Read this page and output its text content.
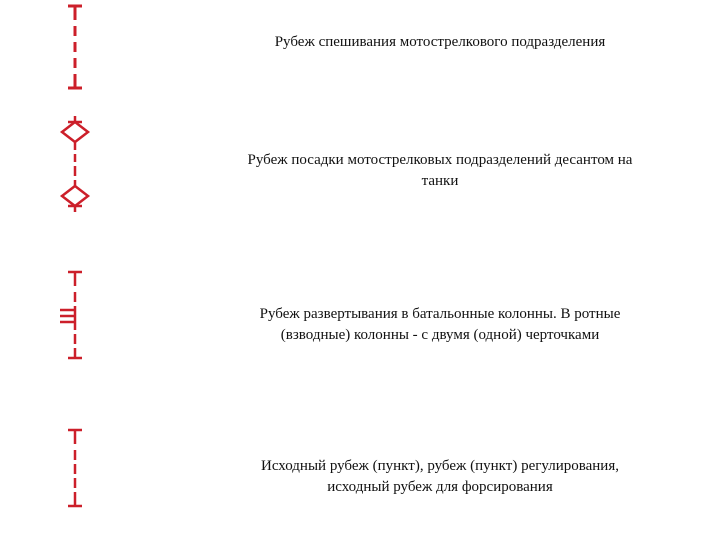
Рубеж спешивания мотострелкового подразделения
Рубеж посадки мотострелковых подразделений десантом на
танки
Рубеж развертывания в батальонные колонны. В ротные
(взводные) колонны - с двумя (одной) черточками
Исходный рубеж (пункт), рубеж (пункт) регулирования,
исходный рубеж для форсирования
